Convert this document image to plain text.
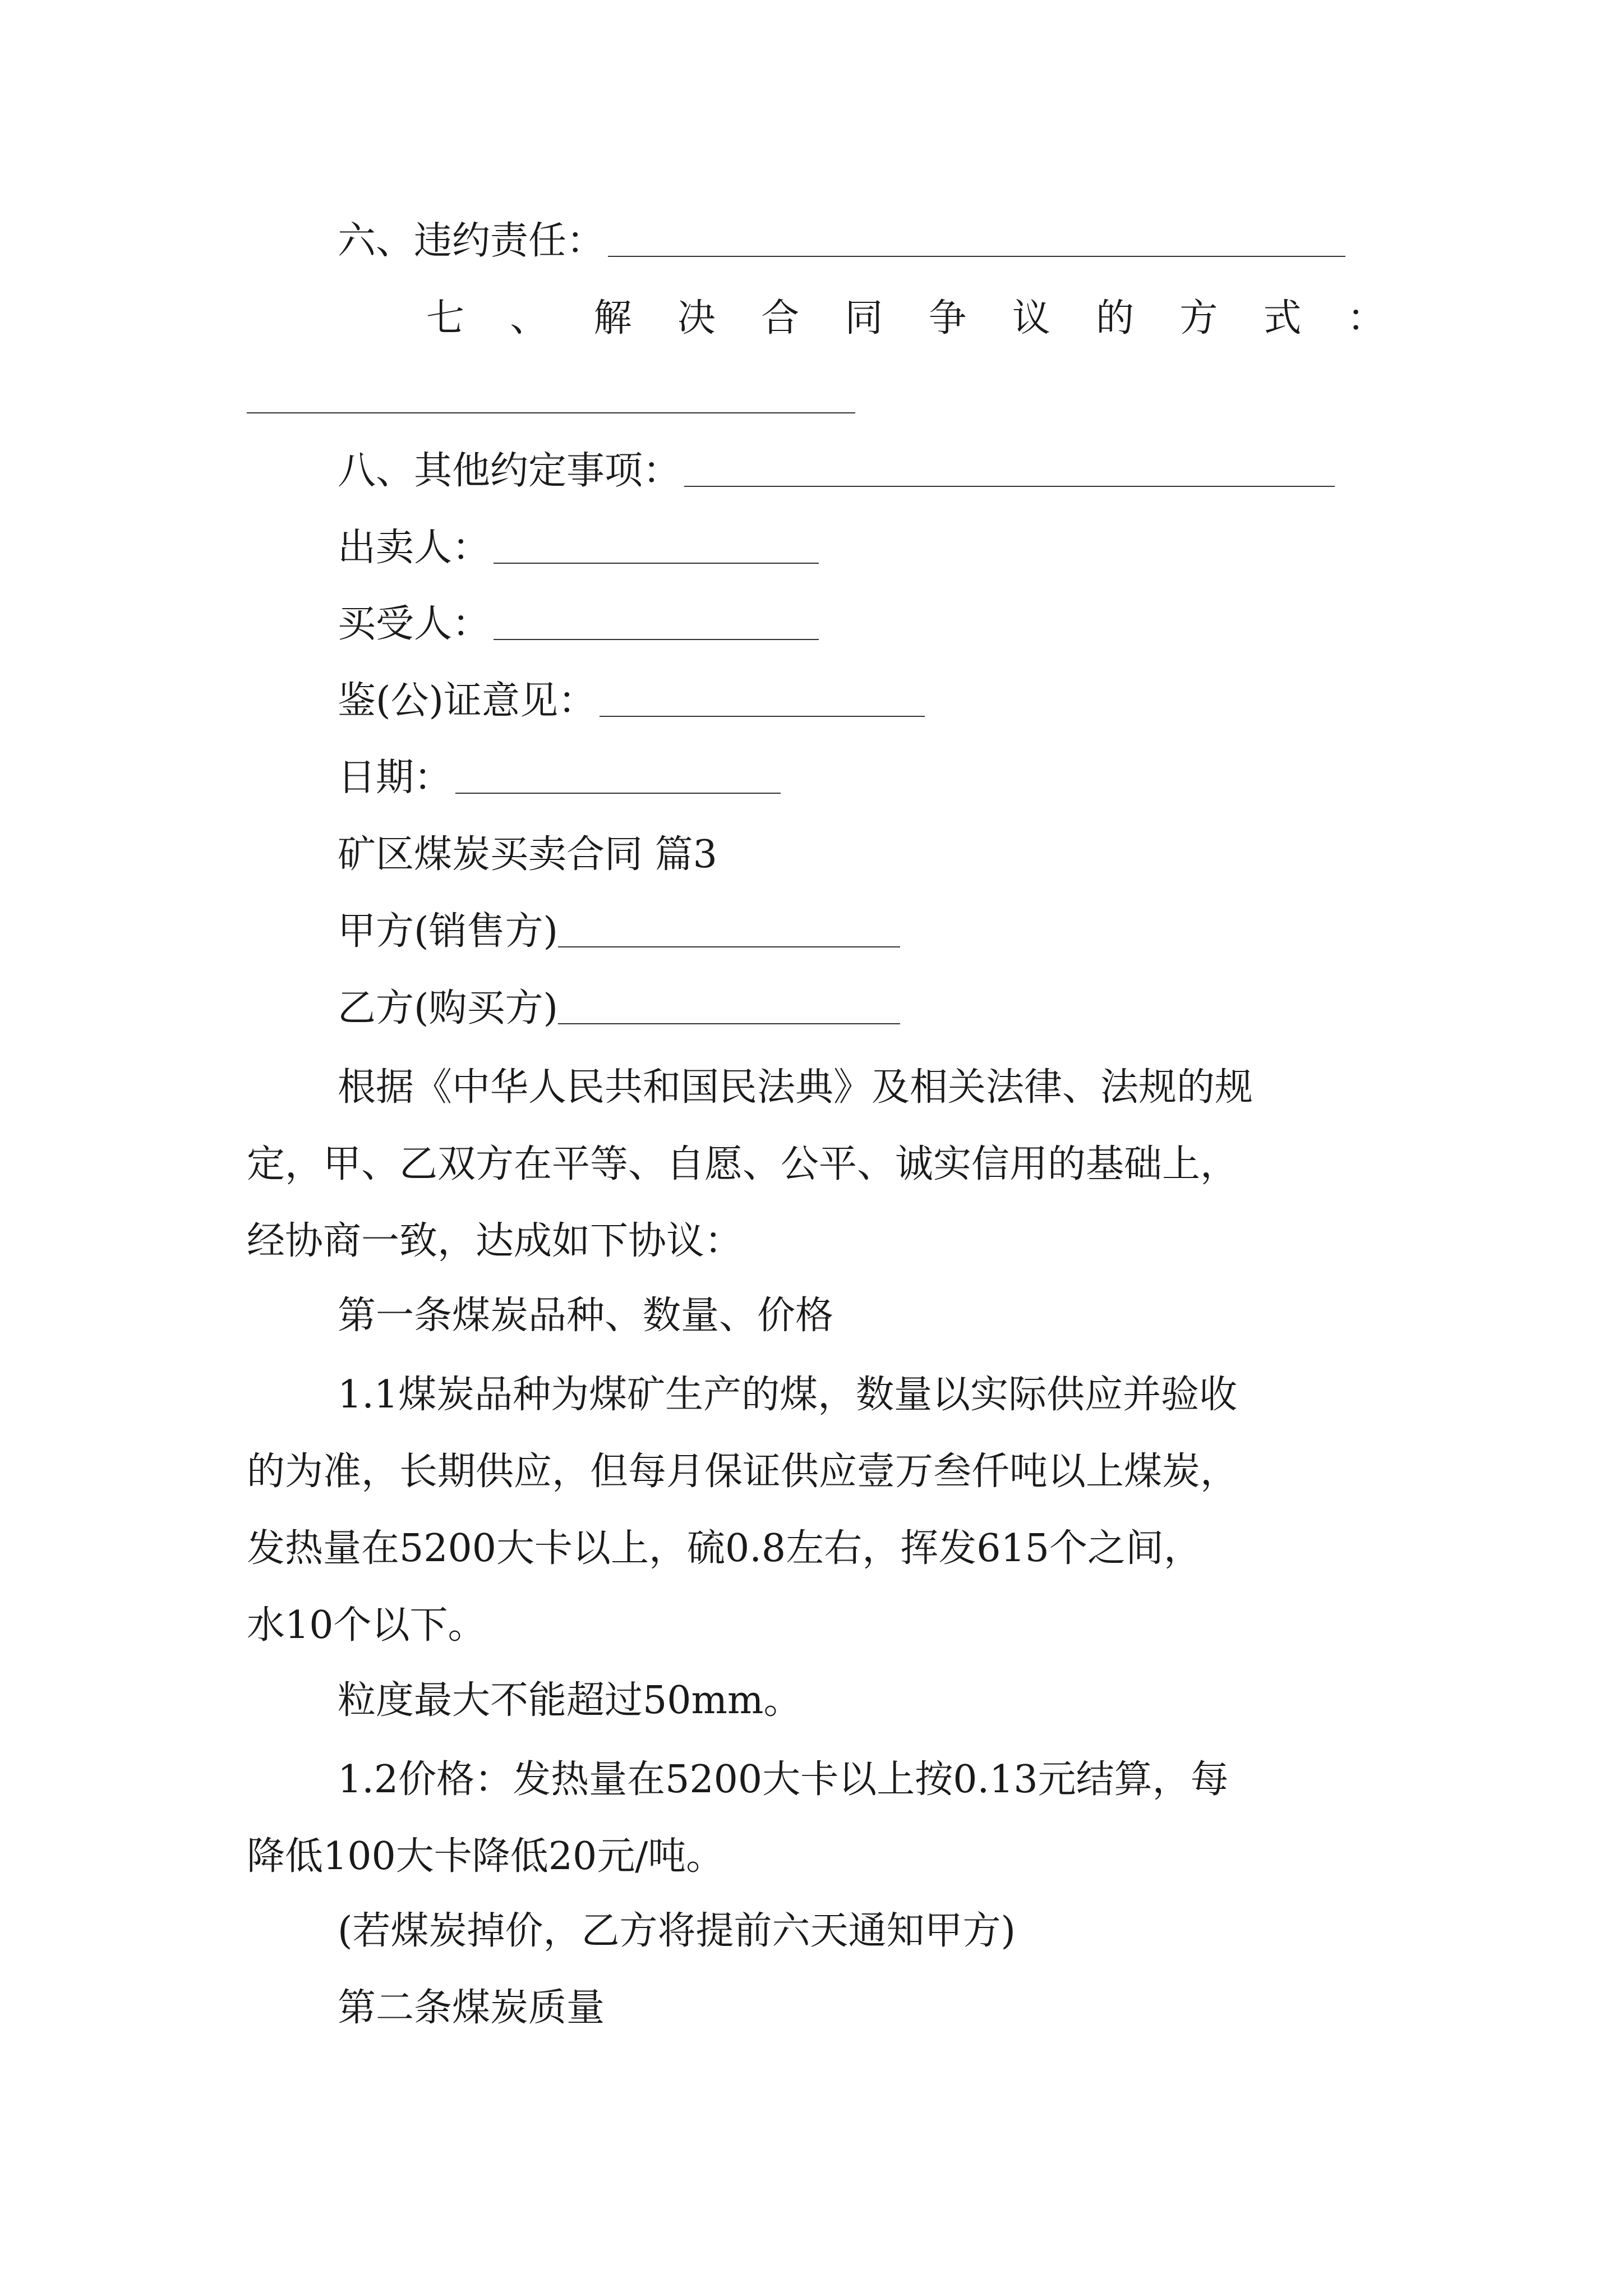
六、违约责任：
七 、 解 决 合 同 争 议 的 方 式 ：
八、其他约定事项：
出卖人：
买受人：
鉴(公)证意见：
日期：
矿区煤炭买卖合同 篇3
甲方(销售方)
乙方(购买方)
根据《中华人民共和国民法典》及相关法律、法规的规
定，甲、乙双方在平等、自愿、公平、诚实信用的基础上，
经协商一致，达成如下协议：
第一条煤炭品种、数量、价格
1.1煤炭品种为煤矿生产的煤，数量以实际供应并验收
的为准，长期供应，但每月保证供应壹万叁仟吨以上煤炭，
发热量在5200大卡以上，硫0.8左右，挥发615个之间，
水10个以下。
粒度最大不能超过50mm。
1.2价格：发热量在5200大卡以上按0.13元结算，每
降低100大卡降低20元/吨。
(若煤炭掉价，乙方将提前六天通知甲方)
第二条煤炭质量
